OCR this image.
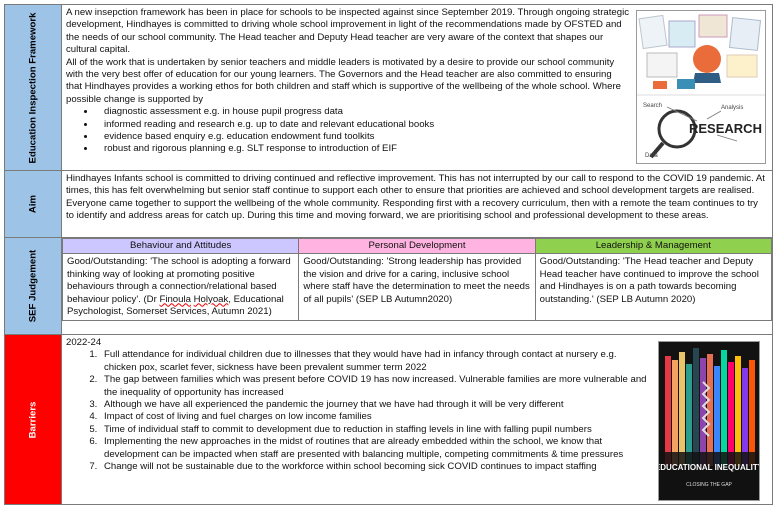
Education Inspection Framework	A new insepction framework has been in place for schools to be inspected against since September 2019. Through ongoing strategic development, Hindhayes is committed to driving whole school improvement in light of the recommendations made by OFSTED and the needs of our school community. The Head teacher and Deputy Head teacher are very aware of the context that shapes our cultural capital.

All of the work that is undertaken by senior teachers and middle leaders is motivated by a desire to provide our school community with the very best offer of education for our young learners. The Governors and the Head teacher are also committed to ensuring that Hindhayes provides a working ethos for both children and staff which is supportive of the wellbeing of the whole school. Where possible change is supported by

• diagnostic assessment e.g. in house pupil progress data
• informed reading and research e.g. up to date and relevant educational books
• evidence based enquiry e.g. education endowment fund toolkits
• robust and rigorous planning e.g. SLT response to introduction of EIF
RESEARCH
Search	Analysis
Data

Aim

Hindhayes Infants school is committed to driving continued and reflective improvement. This has not interrupted by our call to respond to the COVID 19 pandemic. At times, this has felt overwhelming but senior staff continue to support each other to ensure that priorities are achieved and school development targets are realised. Everyone came together to support the wellbeing of the whole community. Responding first with a recovery curriculum, then with a remote the team continues to try to identify and address areas for catch up. During this time and moving forward, we are prioritising school and professional development to these areas.

SEF Judgement

Behaviour and Attitudes	Personal Development	Leadership & Management
Good/Outstanding: 'The school is adopting a forward thinking way of looking at promoting positive behaviours through a connection/relational based behaviour policy'. (Dr Finoula Holyoak, Educational Psychologist, Somerset Services, Autumn 2021)	Good/Outstanding: 'Strong leadership has provided the vision and drive for a caring, inclusive school where staff have the determination to meet the needs of all pupils' (SEP LB Autumn2020)	Good/Outstanding: 'The Head teacher and Deputy Head teacher have continued to improve the school and Hindhayes is on a path towards becoming outstanding.' (SEP LB Autumn 2020)

Barriers

2022-24

1. Full attendance for individual children due to illnesses that they would have had in infancy through contact at nursery e.g. chicken pox, scarlet fever, sickness have been prevalent summer term 2022
2. The gap between families which was present before COVID 19 has now increased. Vulnerable families are more vulnerable and the inequality of opportunity has increased
3. Although we have all experienced the pandemic the journey that we have had through it will be very different
4. Impact of cost of living and fuel charges on low income families
5. Time of individual staff to commit to development due to reduction in staffing levels in line with falling pupil numbers
6. Implementing the new approaches in the midst of routines that are already embedded within the school, we know that development can be impacted when staff are presented with balancing multiple, competing commitments & time pressures
7. Change will not be sustainable due to the workforce within school becoming sick COVID continues to impact staffing	EDUCATIONAL INEQUALITY
CLOSING THE GAP
